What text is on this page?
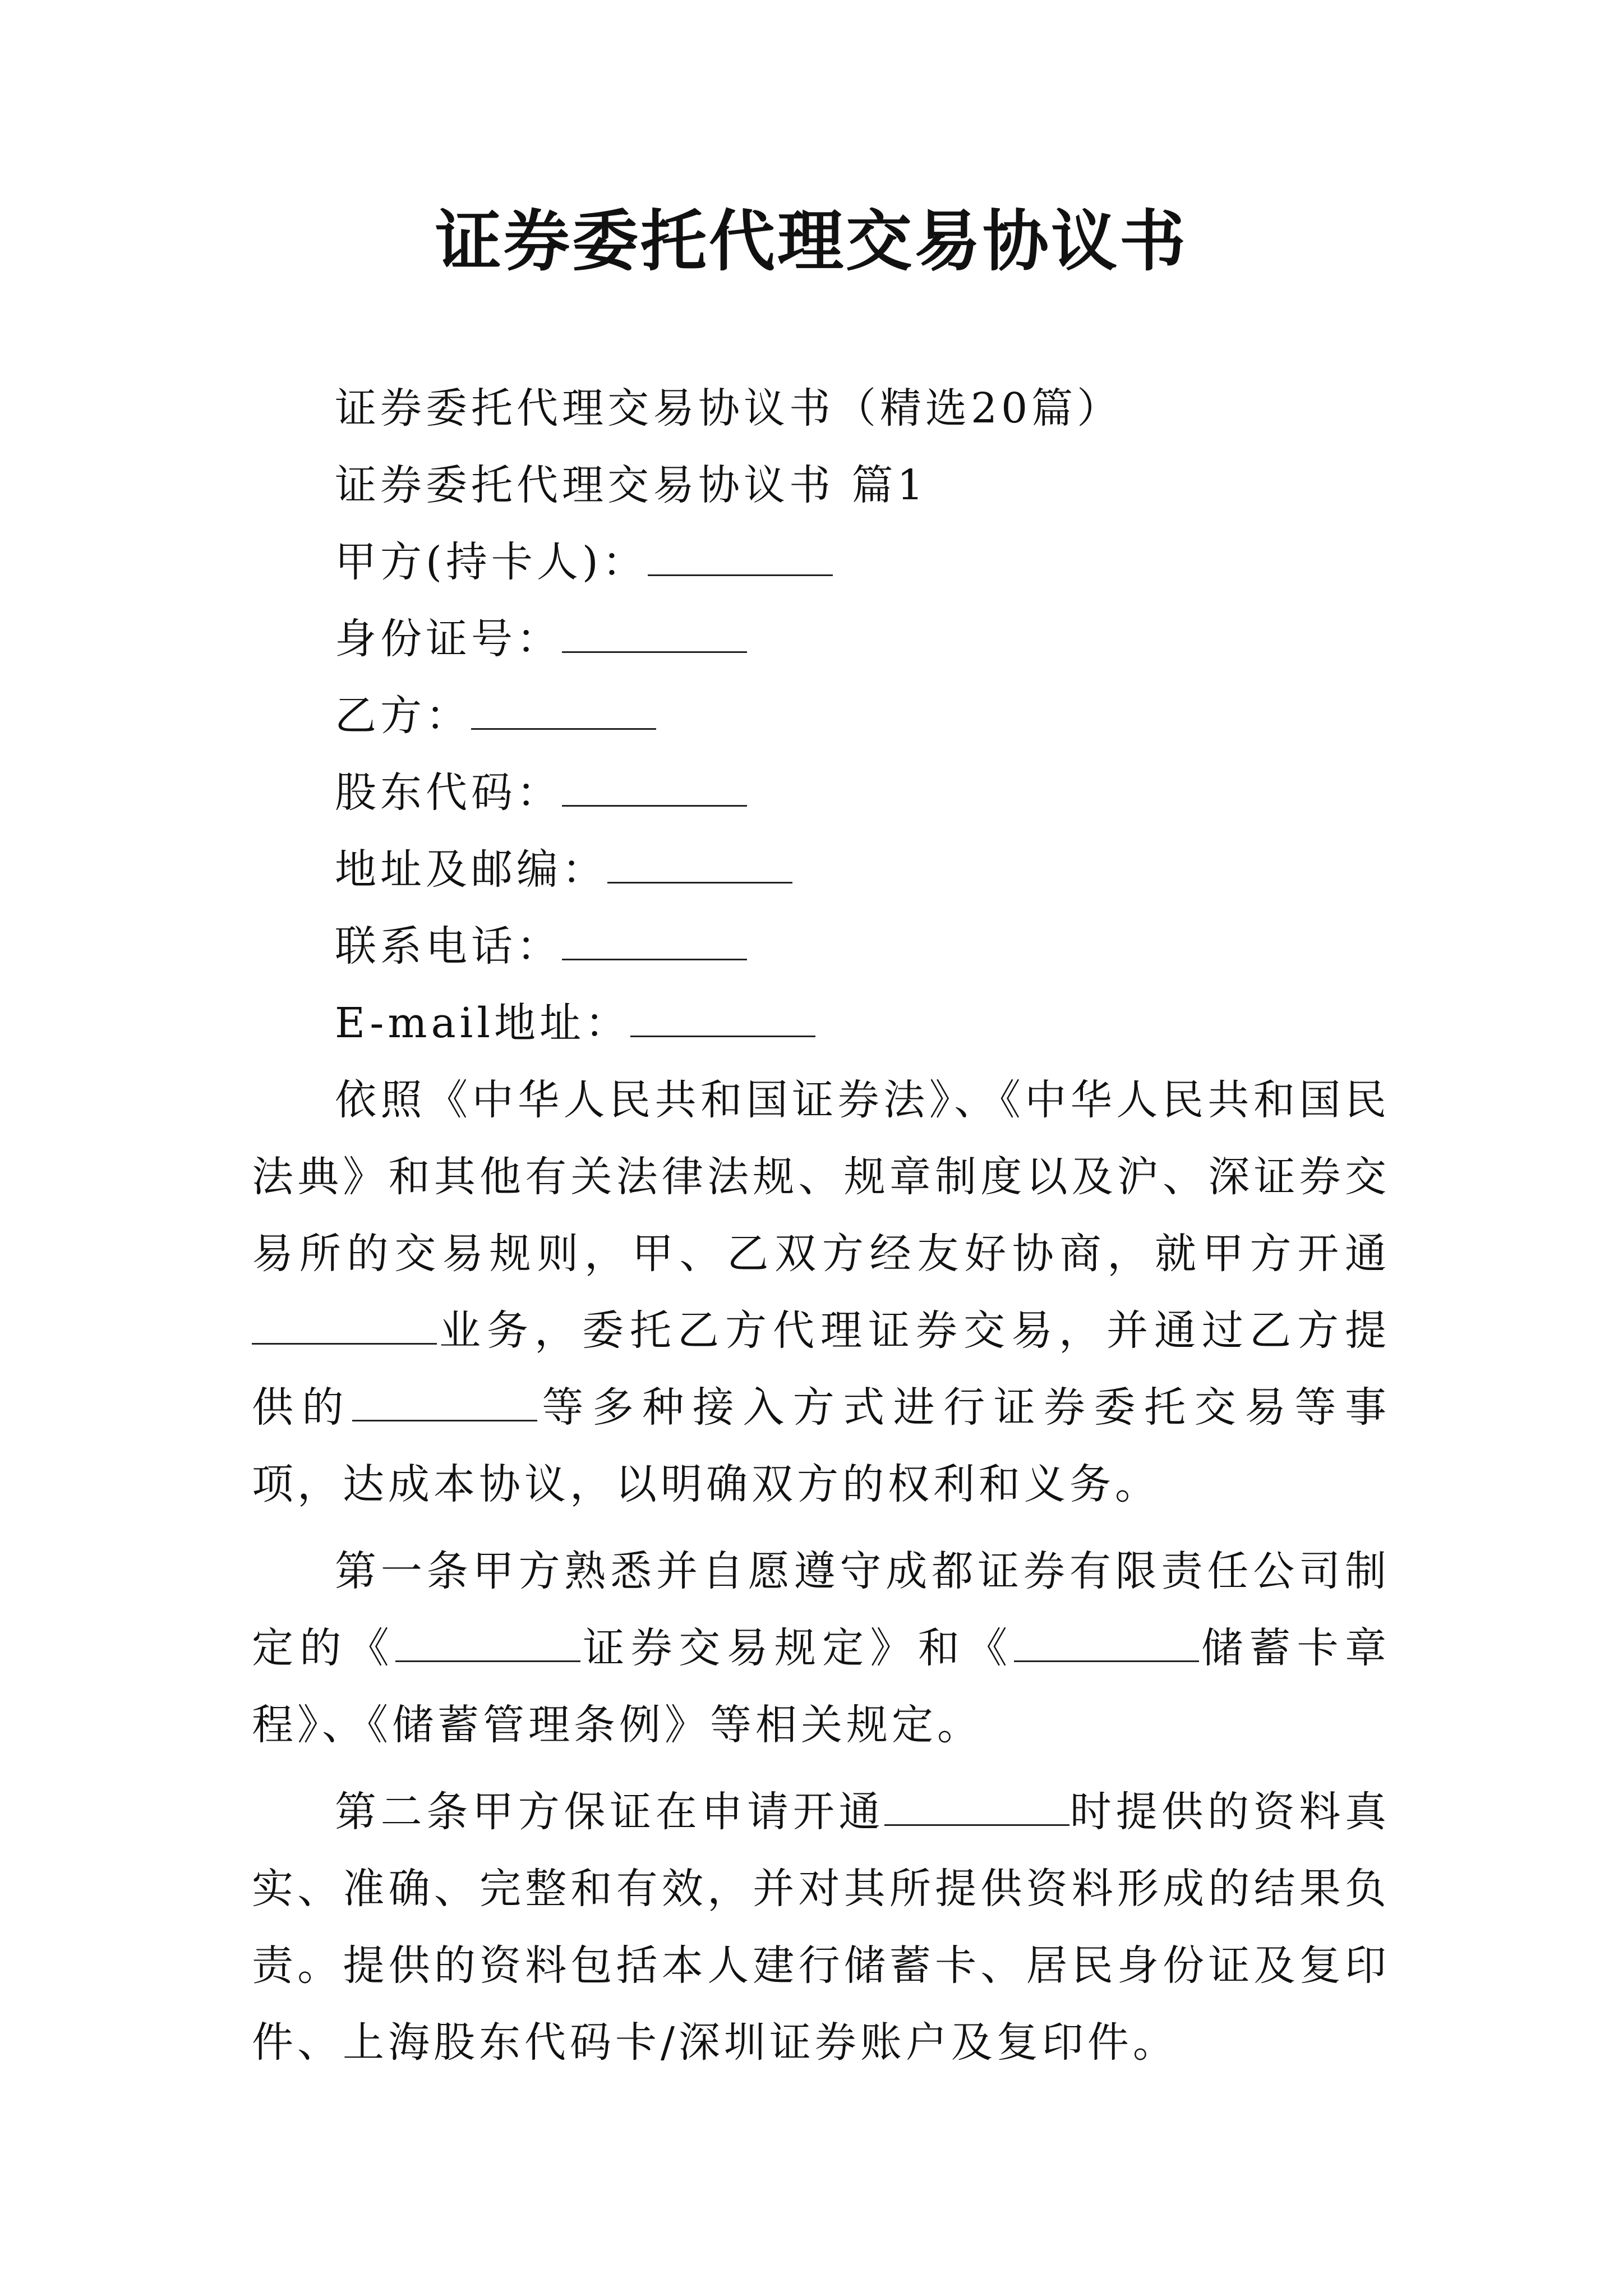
证券委托代理交易协议书
证券委托代理交易协议书（精选20篇）
证券委托代理交易协议书 篇1
甲方(持卡人)：
身份证号：
乙方：
股东代码：
地址及邮编：
联系电话：
E-mail地址：
依照《中华人民共和国证券法》、《中华人民共和国民法典》和其他有关法律法规、规章制度以及沪、深证券交易所的交易规则，甲、乙双方经友好协商，就甲方开通业务，委托乙方代理证券交易，并通过乙方提供的	等多种接入方式进行证券委托交易等事项，达成本协议，以明确双方的权利和义务。
第一条甲方熟悉并自愿遵守成都证券有限责任公司制定的《	证券交易规定》和《	储蓄卡章程》、《储蓄管理条例》等相关规定。
第二条甲方保证在申请开通	时提供的资料真实、准确、完整和有效，并对其所提供资料形成的结果负责。提供的资料包括本人建行储蓄卡、居民身份证及复印件、上海股东代码卡/深圳证券账户及复印件。
